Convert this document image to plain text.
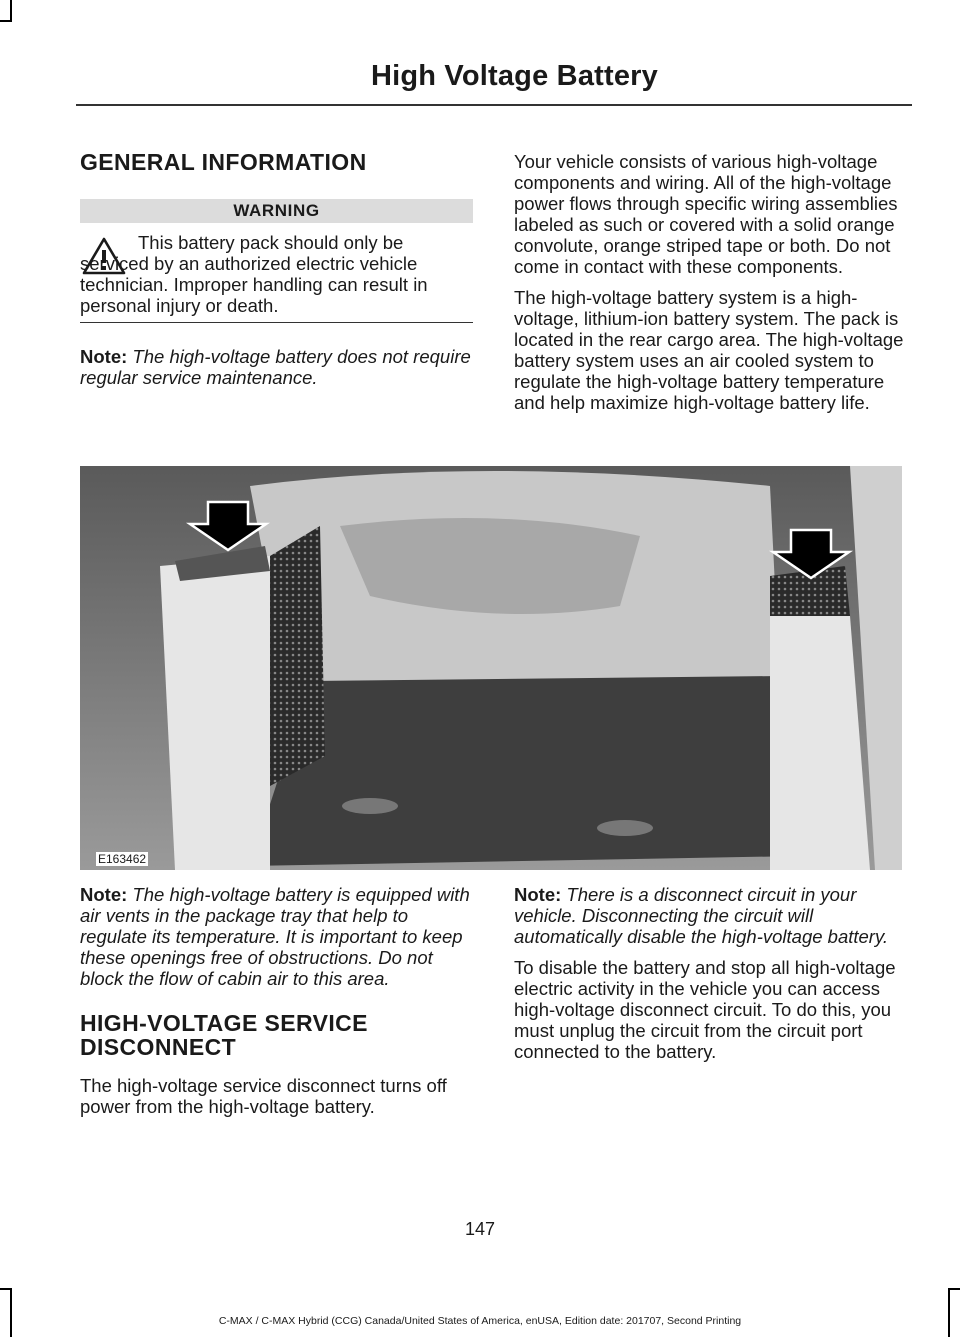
High Voltage Battery
GENERAL INFORMATION
WARNING
This battery pack should only be serviced by an authorized electric vehicle technician. Improper handling can result in personal injury or death.

Note: The high-voltage battery does not require regular service maintenance.

Your vehicle consists of various high-voltage components and wiring. All of the high-voltage power flows through specific wiring assemblies labeled as such or covered with a solid orange convolute, orange striped tape or both. Do not come in contact with these components.

The high-voltage battery system is a high-voltage, lithium-ion battery system. The pack is located in the rear cargo area. The high-voltage battery system uses an air cooled system to regulate the high-voltage battery temperature and help maximize high-voltage battery life.

E163462

Note: The high-voltage battery is equipped with air vents in the package tray that help to regulate its temperature. It is important to keep these openings free of obstructions. Do not block the flow of cabin air to this area.

HIGH-VOLTAGE SERVICE DISCONNECT

The high-voltage service disconnect turns off power from the high-voltage battery.

Note: There is a disconnect circuit in your vehicle. Disconnecting the circuit will automatically disable the high-voltage battery.

To disable the battery and stop all high-voltage electric activity in the vehicle you can access high-voltage disconnect circuit. To do this, you must unplug the circuit from the circuit port connected to the battery.

147
C-MAX / C-MAX Hybrid (CCG) Canada/United States of America, enUSA, Edition date: 201707, Second Printing
